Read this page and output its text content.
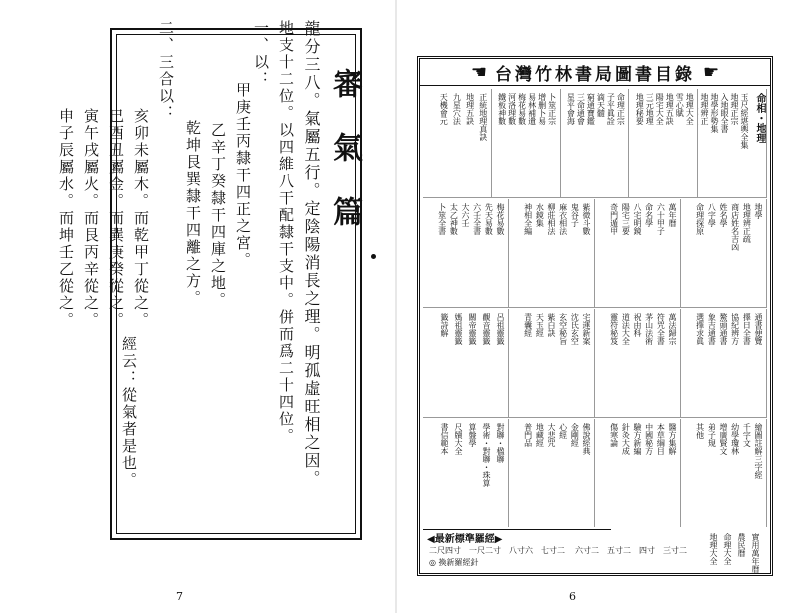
龍分三八。氣屬五行。定陰陽消長之理。明孤虛旺相之因。
地支十二位。以四維八干配隸干支中。併而爲二十四位。
一、以：
甲庚壬丙隸干四正之宮。
乙辛丁癸隸干四庫之地。
乾坤艮巽隸干四離之方。
二、三合以：
亥卯未屬木。而乾甲丁從之。
巳酉丑屬金。而巽庚癸從之。
寅午戌屬火。而艮丙辛從之。
申子辰屬水。而坤壬乙從之。	審氣篇
經云：從氣者是也。
7
☚ 台灣竹林書局圖書目錄 ☛
命相・地理
玉尺經堪輿全集
地理正宗
入地眼全書
地學形勢集
地理辨正
地理大全
雪心賦
地理五訣
陽宅大全
三元地理
地理秘要
命理正宗
子平眞詮
滴天髓
窮通寶鑑
三命通會
星平會海
卜筮正宗
增删卜易
易林補遺
梅花易數
河洛理數
鐵板神數
正統地理真訣
地理五訣
九星穴法
天機會元
地學
地理辨正疏
商店姓名吉凶
姓名學
八字學
命理探原
萬年曆
六十甲子
命名學
八宅明鏡
陽宅三要
奇門遁甲
紫微斗數
鬼谷子
麻衣相法
柳莊相法
水鏡集
神相全編
梅花易數
先天易數
六壬全書
大六壬
太乙神數
卜筮全書
通書便覽
擇日全書
協紀辨方
鰲頭通書
象吉通書
選擇求眞
萬法歸宗
符咒全書
茅山法術
祝由科
道法大全
靈符秘笈
宅運新案
沈氏玄空
玄空秘旨
紫白訣
天玉經
青囊經
呂祖靈籤
觀音靈籤
關帝靈籤
媽祖靈籤
籤詩解
繪圖註解三字經
千字文
幼學瓊林
增廣賢文
弟子規
其他
醫方集解
本草綱目
中國秘方
驗方新編
針灸大成
傷寒論
佛說經典
金剛經
心經
大悲咒
地藏經
普門品
對聯・楹聯
學術・對聯・珠算
算盤學
尺牘大全
書信範本
◀最新標準羅經▶
二尺四寸　一尺二寸　八寸六　七寸二 六寸二　五寸二　四寸　三寸二
◎ 換新羅經針	實用萬年曆
農民曆
命理大全
地理大全
6
